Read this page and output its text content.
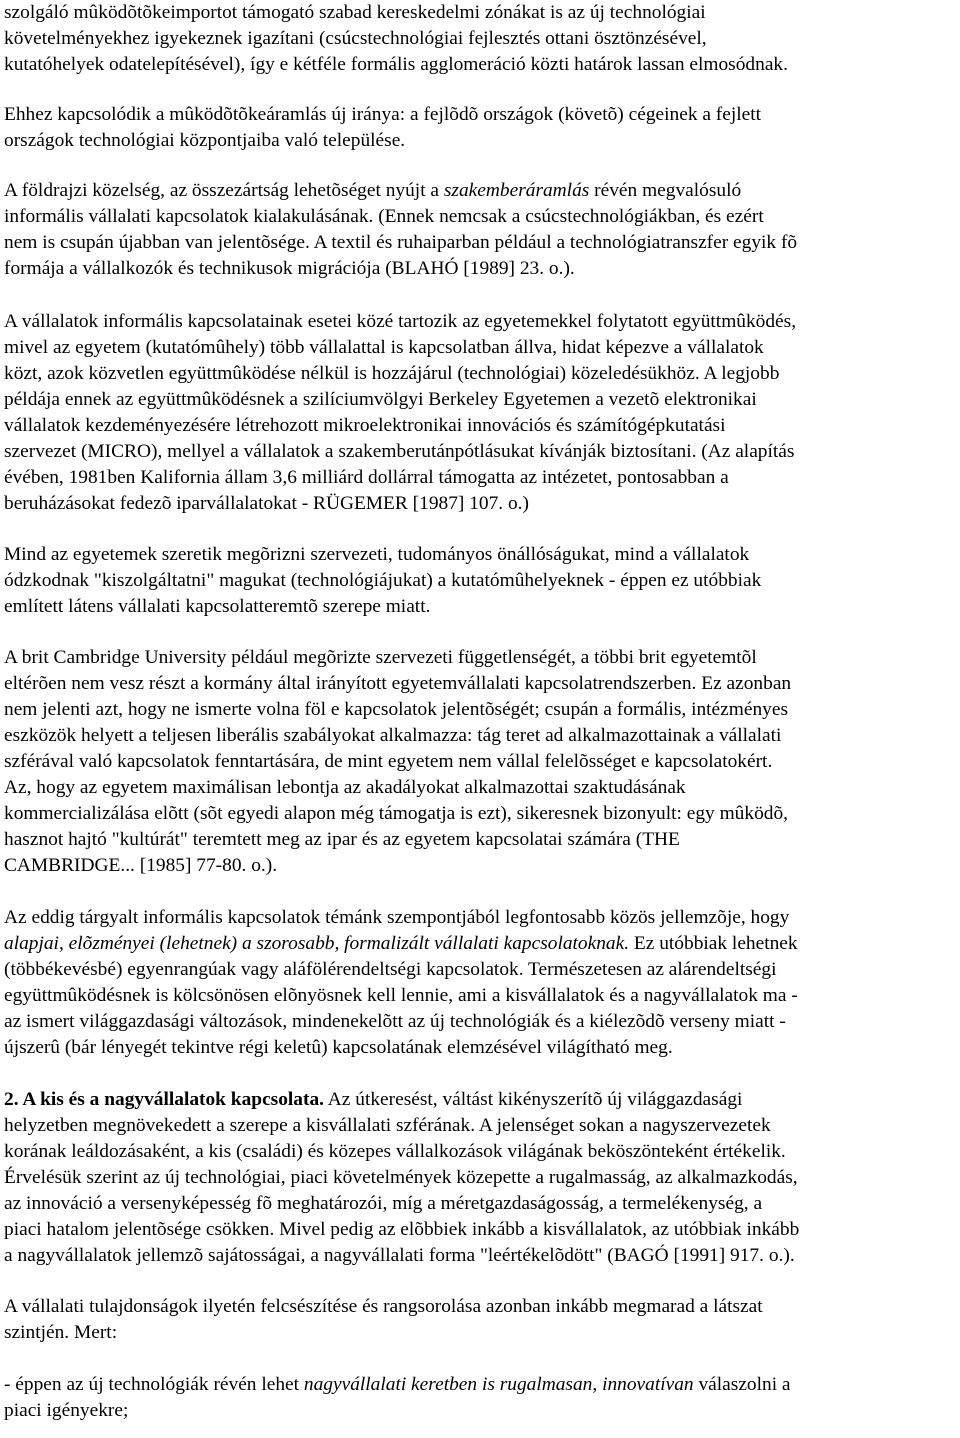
szolgáló mûködõtõkeimportot támogató szabad kereskedelmi zónákat is az új technológiai
követelményekhez igyekeznek igazítani (csúcstechnológiai fejlesztés ottani ösztönzésével,
kutatóhelyek odatelepítésével), így e kétféle formális agglomeráció közti határok lassan elmosódnak.

Ehhez kapcsolódik a mûködõtõkeáramlás új iránya: a fejlõdõ országok (követõ) cégeinek a fejlett
országok technológiai központjaiba való települése.

A földrajzi közelség, az összezártság lehetõséget nyújt a szakemberáramlás révén megvalósuló
informális vállalati kapcsolatok kialakulásának. (Ennek nemcsak a csúcstechnológiákban, és ezért
nem is csupán újabban van jelentõsége. A textil és ruhaiparban például a technológiatranszfer egyik fõ
formája a vállalkozók és technikusok migrációja (BLAHÓ [1989] 23. o.).

A vállalatok informális kapcsolatainak esetei közé tartozik az egyetemekkel folytatott együttmûködés,
mivel az egyetem (kutatómûhely) több vállalattal is kapcsolatban állva, hidat képezve a vállalatok
közt, azok közvetlen együttmûködése nélkül is hozzájárul (technológiai) közeledésükhöz. A legjobb
példája ennek az együttmûködésnek a szilíciumvölgyi Berkeley Egyetemen a vezetõ elektronikai
vállalatok kezdeményezésére létrehozott mikroelektronikai innovációs és számítógépkutatási
szervezet (MICRO), mellyel a vállalatok a szakemberutánpótlásukat kívánják biztosítani. (Az alapítás
évében, 1981ben Kalifornia állam 3,6 milliárd dollárral támogatta az intézetet, pontosabban a
beruházásokat fedezõ iparvállalatokat - RÜGEMER [1987] 107. o.)

Mind az egyetemek szeretik megõrizni szervezeti, tudományos önállóságukat, mind a vállalatok
ódzkodnak "kiszolgáltatni" magukat (technológiájukat) a kutatómûhelyeknek - éppen ez utóbbiak
említett látens vállalati kapcsolatteremtõ szerepe miatt.

A brit Cambridge University például megõrizte szervezeti függetlenségét, a többi brit egyetemtõl
eltérõen nem vesz részt a kormány által irányított egyetemvállalati kapcsolatrendszerben. Ez azonban
nem jelenti azt, hogy ne ismerte volna föl e kapcsolatok jelentõségét; csupán a formális, intézményes
eszközök helyett a teljesen liberális szabályokat alkalmazza: tág teret ad alkalmazottainak a vállalati
szférával való kapcsolatok fenntartására, de mint egyetem nem vállal felelõsséget e kapcsolatokért.
Az, hogy az egyetem maximálisan lebontja az akadályokat alkalmazottai szaktudásának
kommercializálása elõtt (sõt egyedi alapon még támogatja is ezt), sikeresnek bizonyult: egy mûködõ,
hasznot hajtó "kultúrát" teremtett meg az ipar és az egyetem kapcsolatai számára (THE
CAMBRIDGE... [1985] 77-80. o.).

Az eddig tárgyalt informális kapcsolatok témánk szempontjából legfontosabb közös jellemzõje, hogy
alapjai, elõzményei (lehetnek) a szorosabb, formalizált vállalati kapcsolatoknak. Ez utóbbiak lehetnek
(többékevésbé) egyenrangúak vagy aláfölérendeltségi kapcsolatok. Természetesen az alárendeltségi
együttmûködésnek is kölcsönösen elõnyösnek kell lennie, ami a kisvállalatok és a nagyvállalatok ma -
az ismert világgazdasági változások, mindenekelõtt az új technológiák és a kiélezõdõ verseny miatt -
újszerû (bár lényegét tekintve régi keletû) kapcsolatának elemzésével világítható meg.

2. A kis és a nagyvállalatok kapcsolata. Az útkeresést, váltást kikényszerítõ új világgazdasági
helyzetben megnövekedett a szerepe a kisvállalati szférának. A jelenséget sokan a nagyszervezetek
korának leáldozásaként, a kis (családi) és közepes vállalkozások világának beköszönteként értékelik.
Érvelésük szerint az új technológiai, piaci követelmények közepette a rugalmasság, az alkalmazkodás,
az innováció a versenyképesség fõ meghatározói, míg a méretgazdaságosság, a termelékenység, a
piaci hatalom jelentõsége csökken. Mivel pedig az elõbbiek inkább a kisvállalatok, az utóbbiak inkább
a nagyvállalatok jellemzõ sajátosságai, a nagyvállalati forma "leértékelõdött" (BAGÓ [1991] 917. o.).

A vállalati tulajdonságok ilyetén felcsészítése és rangsorolása azonban inkább megmarad a látszat
szintjén. Mert:

- éppen az új technológiák révén lehet nagyvállalati keretben is rugalmasan, innovatívan válaszolni a
piaci igényekre;
